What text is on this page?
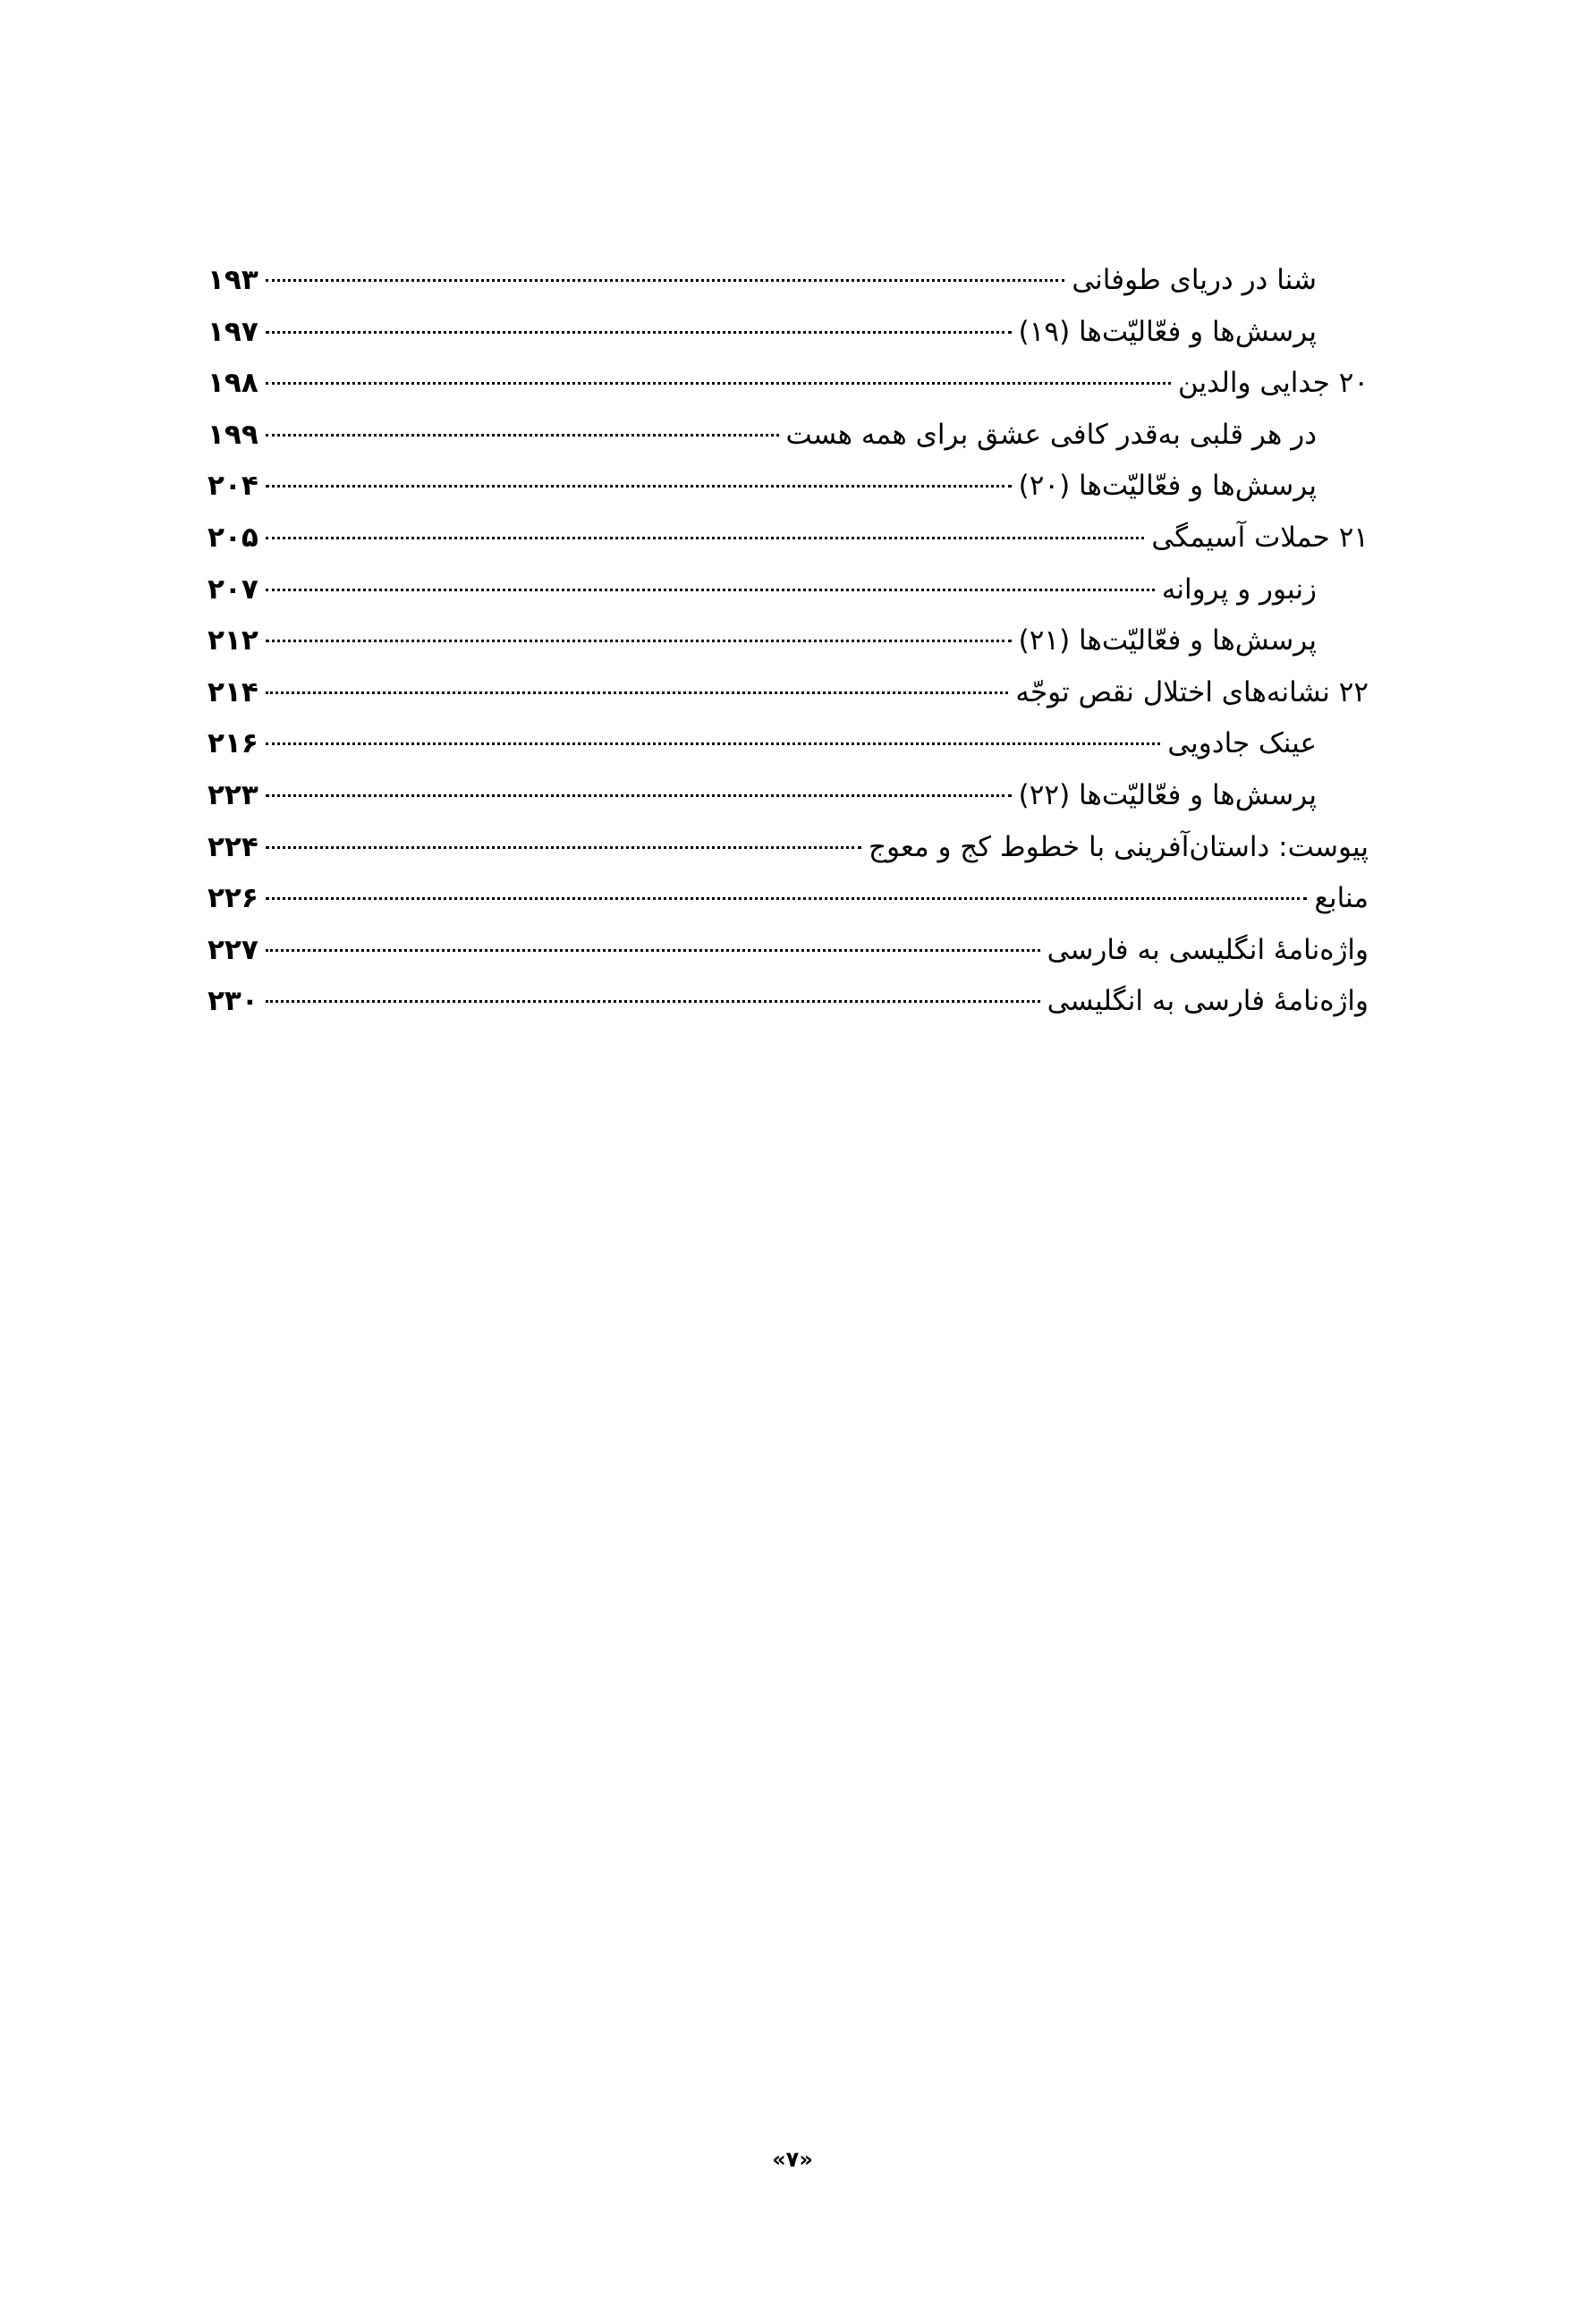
شنا در دریای طوفانی
۱۹۳
پرسش‌ها و فعّالیّت‌ها (۱۹)
۱۹۷
۲۰ جدایی والدین
۱۹۸
در هر قلبی به‌قدر کافی عشق برای همه هست
۱۹۹
پرسش‌ها و فعّالیّت‌ها (۲۰)
۲۰۴
۲۱ حملات آسیمگی
۲۰۵
زنبور و پروانه
۲۰۷
پرسش‌ها و فعّالیّت‌ها (۲۱)
۲۱۲
۲۲ نشانه‌های اختلال نقص توجّه
۲۱۴
عینک جادویی
۲۱۶
پرسش‌ها و فعّالیّت‌ها (۲۲)
۲۲۳
پیوست: داستان‌آفرینی با خطوط کج و معوج
۲۲۴
منابع
۲۲۶
واژه‌نامۀ انگلیسی به فارسی
۲۲۷
واژه‌نامۀ فارسی به انگلیسی
۲۳۰
«۷»
